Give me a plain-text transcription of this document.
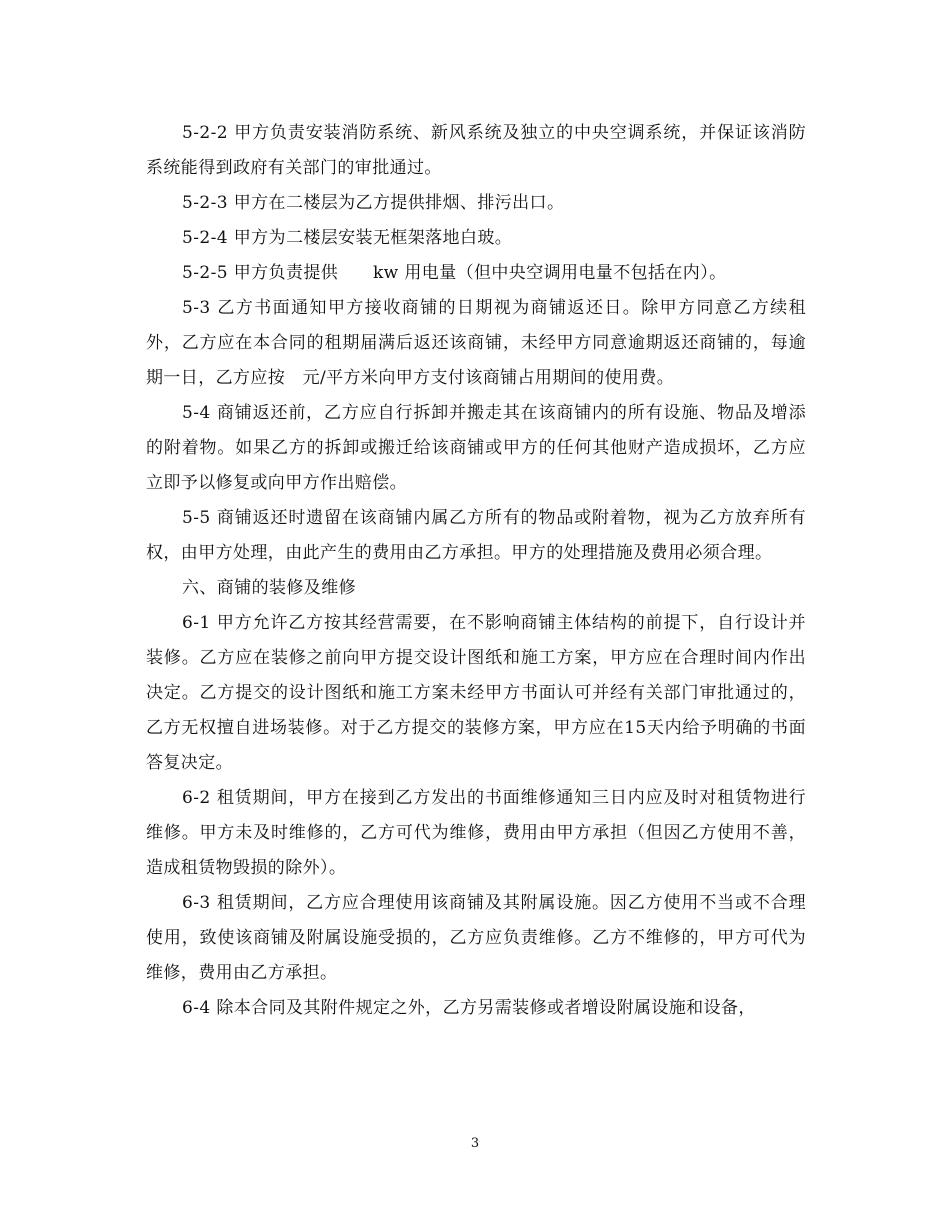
5-2-2 甲方负责安装消防系统、新风系统及独立的中央空调系统，并保证该消防系统能得到政府有关部门的审批通过。

5-2-3 甲方在二楼层为乙方提供排烟、排污出口。

5-2-4 甲方为二楼层安装无框架落地白玻。

5-2-5 甲方负责提供　　kw 用电量（但中央空调用电量不包括在内）。

5-3 乙方书面通知甲方接收商铺的日期视为商铺返还日。除甲方同意乙方续租外，乙方应在本合同的租期届满后返还该商铺，未经甲方同意逾期返还商铺的，每逾期一日，乙方应按　元/平方米向甲方支付该商铺占用期间的使用费。

5-4 商铺返还前，乙方应自行拆卸并搬走其在该商铺内的所有设施、物品及增添的附着物。如果乙方的拆卸或搬迁给该商铺或甲方的任何其他财产造成损坏，乙方应立即予以修复或向甲方作出赔偿。

5-5 商铺返还时遗留在该商铺内属乙方所有的物品或附着物，视为乙方放弃所有权，由甲方处理，由此产生的费用由乙方承担。甲方的处理措施及费用必须合理。

六、商铺的装修及维修

6-1 甲方允许乙方按其经营需要，在不影响商铺主体结构的前提下，自行设计并装修。乙方应在装修之前向甲方提交设计图纸和施工方案，甲方应在合理时间内作出决定。乙方提交的设计图纸和施工方案未经甲方书面认可并经有关部门审批通过的，乙方无权擅自进场装修。对于乙方提交的装修方案，甲方应在15天内给予明确的书面答复决定。

6-2 租赁期间，甲方在接到乙方发出的书面维修通知三日内应及时对租赁物进行维修。甲方未及时维修的，乙方可代为维修，费用由甲方承担（但因乙方使用不善，造成租赁物毁损的除外）。

6-3 租赁期间，乙方应合理使用该商铺及其附属设施。因乙方使用不当或不合理使用，致使该商铺及附属设施受损的，乙方应负责维修。乙方不维修的，甲方可代为维修，费用由乙方承担。

6-4 除本合同及其附件规定之外，乙方另需装修或者增设附属设施和设备，

3
